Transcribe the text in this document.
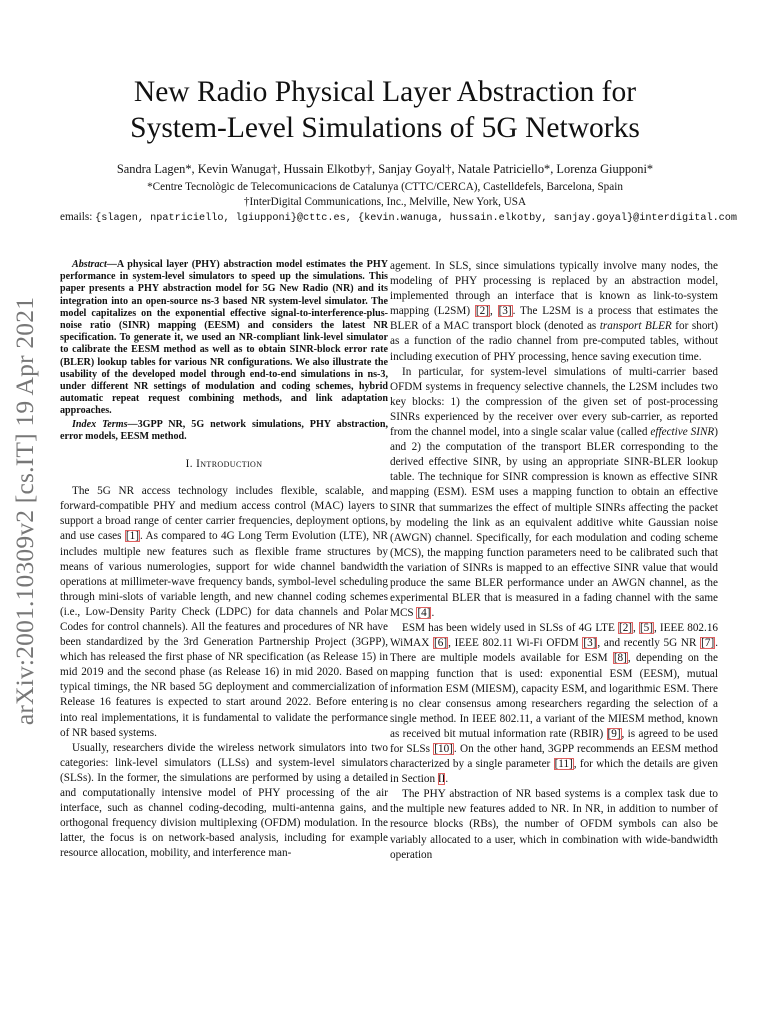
arXiv:2001.10309v2 [cs.IT] 19 Apr 2021
New Radio Physical Layer Abstraction for
System-Level Simulations of 5G Networks
Sandra Lagen*, Kevin Wanuga†, Hussain Elkotby†, Sanjay Goyal†, Natale Patriciello*, Lorenza Giupponi*
*Centre Tecnològic de Telecomunicacions de Catalunya (CTTC/CERCA), Castelldefels, Barcelona, Spain
†InterDigital Communications, Inc., Melville, New York, USA
emails: {slagen, npatriciello, lgiupponi}@cttc.es, {kevin.wanuga, hussain.elkotby, sanjay.goyal}@interdigital.com

Abstract—A physical layer (PHY) abstraction model estimates the PHY performance in system-level simulators to speed up the simulations. This paper presents a PHY abstraction model for 5G New Radio (NR) and its integration into an open-source ns-3 based NR system-level simulator. The model capitalizes on the exponential effective signal-to-interference-plus-noise ratio (SINR) mapping (EESM) and considers the latest NR specification. To generate it, we used an NR-compliant link-level simulator to calibrate the EESM method as well as to obtain SINR-block error rate (BLER) lookup tables for various NR configurations. We also illustrate the usability of the developed model through end-to-end simulations in ns-3, under different NR settings of modulation and coding schemes, hybrid automatic repeat request combining methods, and link adaptation approaches.

Index Terms—3GPP NR, 5G network simulations, PHY abstraction, error models, EESM method.

I. Introduction

The 5G NR access technology includes flexible, scalable, and forward-compatible PHY and medium access control (MAC) layers to support a broad range of center carrier frequencies, deployment options, and use cases [1]. As compared to 4G Long Term Evolution (LTE), NR includes multiple new features such as flexible frame structures by means of various numerologies, support for wide channel bandwidth operations at millimeter-wave frequency bands, symbol-level scheduling through mini-slots of variable length, and new channel coding schemes (i.e., Low-Density Parity Check (LDPC) for data channels and Polar Codes for control channels). All the features and procedures of NR have been standardized by the 3rd Generation Partnership Project (3GPP), which has released the first phase of NR specification (as Release 15) in mid 2019 and the second phase (as Release 16) in mid 2020. Based on typical timings, the NR based 5G deployment and commercialization of Release 16 features is expected to start around 2022. Before entering into real implementations, it is fundamental to validate the performance of NR based systems.

Usually, researchers divide the wireless network simulators into two categories: link-level simulators (LLSs) and system-level simulators (SLSs). In the former, the simulations are performed by using a detailed and computationally intensive model of PHY processing of the air interface, such as channel coding-decoding, multi-antenna gains, and orthogonal frequency division multiplexing (OFDM) modulation. In the latter, the focus is on network-based analysis, including for example resource allocation, mobility, and interference man-

agement. In SLS, since simulations typically involve many nodes, the modeling of PHY processing is replaced by an abstraction model, implemented through an interface that is known as link-to-system mapping (L2SM) [2], [3]. The L2SM is a process that estimates the BLER of a MAC transport block (denoted as transport BLER for short) as a function of the radio channel from pre-computed tables, without including execution of PHY processing, hence saving execution time.

In particular, for system-level simulations of multi-carrier based OFDM systems in frequency selective channels, the L2SM includes two key blocks: 1) the compression of the given set of post-processing SINRs experienced by the receiver over every sub-carrier, as reported from the channel model, into a single scalar value (called effective SINR) and 2) the computation of the transport BLER corresponding to the derived effective SINR, by using an appropriate SINR-BLER lookup table. The technique for SINR compression is known as effective SINR mapping (ESM). ESM uses a mapping function to obtain an effective SINR that summarizes the effect of multiple SINRs affecting the packet by modeling the link as an equivalent additive white Gaussian noise (AWGN) channel. Specifically, for each modulation and coding scheme (MCS), the mapping function parameters need to be calibrated such that the variation of SINRs is mapped to an effective SINR value that would produce the same BLER performance under an AWGN channel, as the experimental BLER that is measured in a fading channel with the same MCS [4].

ESM has been widely used in SLSs of 4G LTE [2], [5], IEEE 802.16 WiMAX [6], IEEE 802.11 Wi-Fi OFDM [3], and recently 5G NR [7]. There are multiple models available for ESM [8], depending on the mapping function that is used: exponential ESM (EESM), mutual information ESM (MIESM), capacity ESM, and logarithmic ESM. There is no clear consensus among researchers regarding the selection of a single method. In IEEE 802.11, a variant of the MIESM method, known as received bit mutual information rate (RBIR) [9], is agreed to be used for SLSs [10]. On the other hand, 3GPP recommends an EESM method characterized by a single parameter [11], for which the details are given in Section II.

The PHY abstraction of NR based systems is a complex task due to the multiple new features added to NR. In NR, in addition to number of resource blocks (RBs), the number of OFDM symbols can also be variably allocated to a user, which in combination with wide-bandwidth operation
